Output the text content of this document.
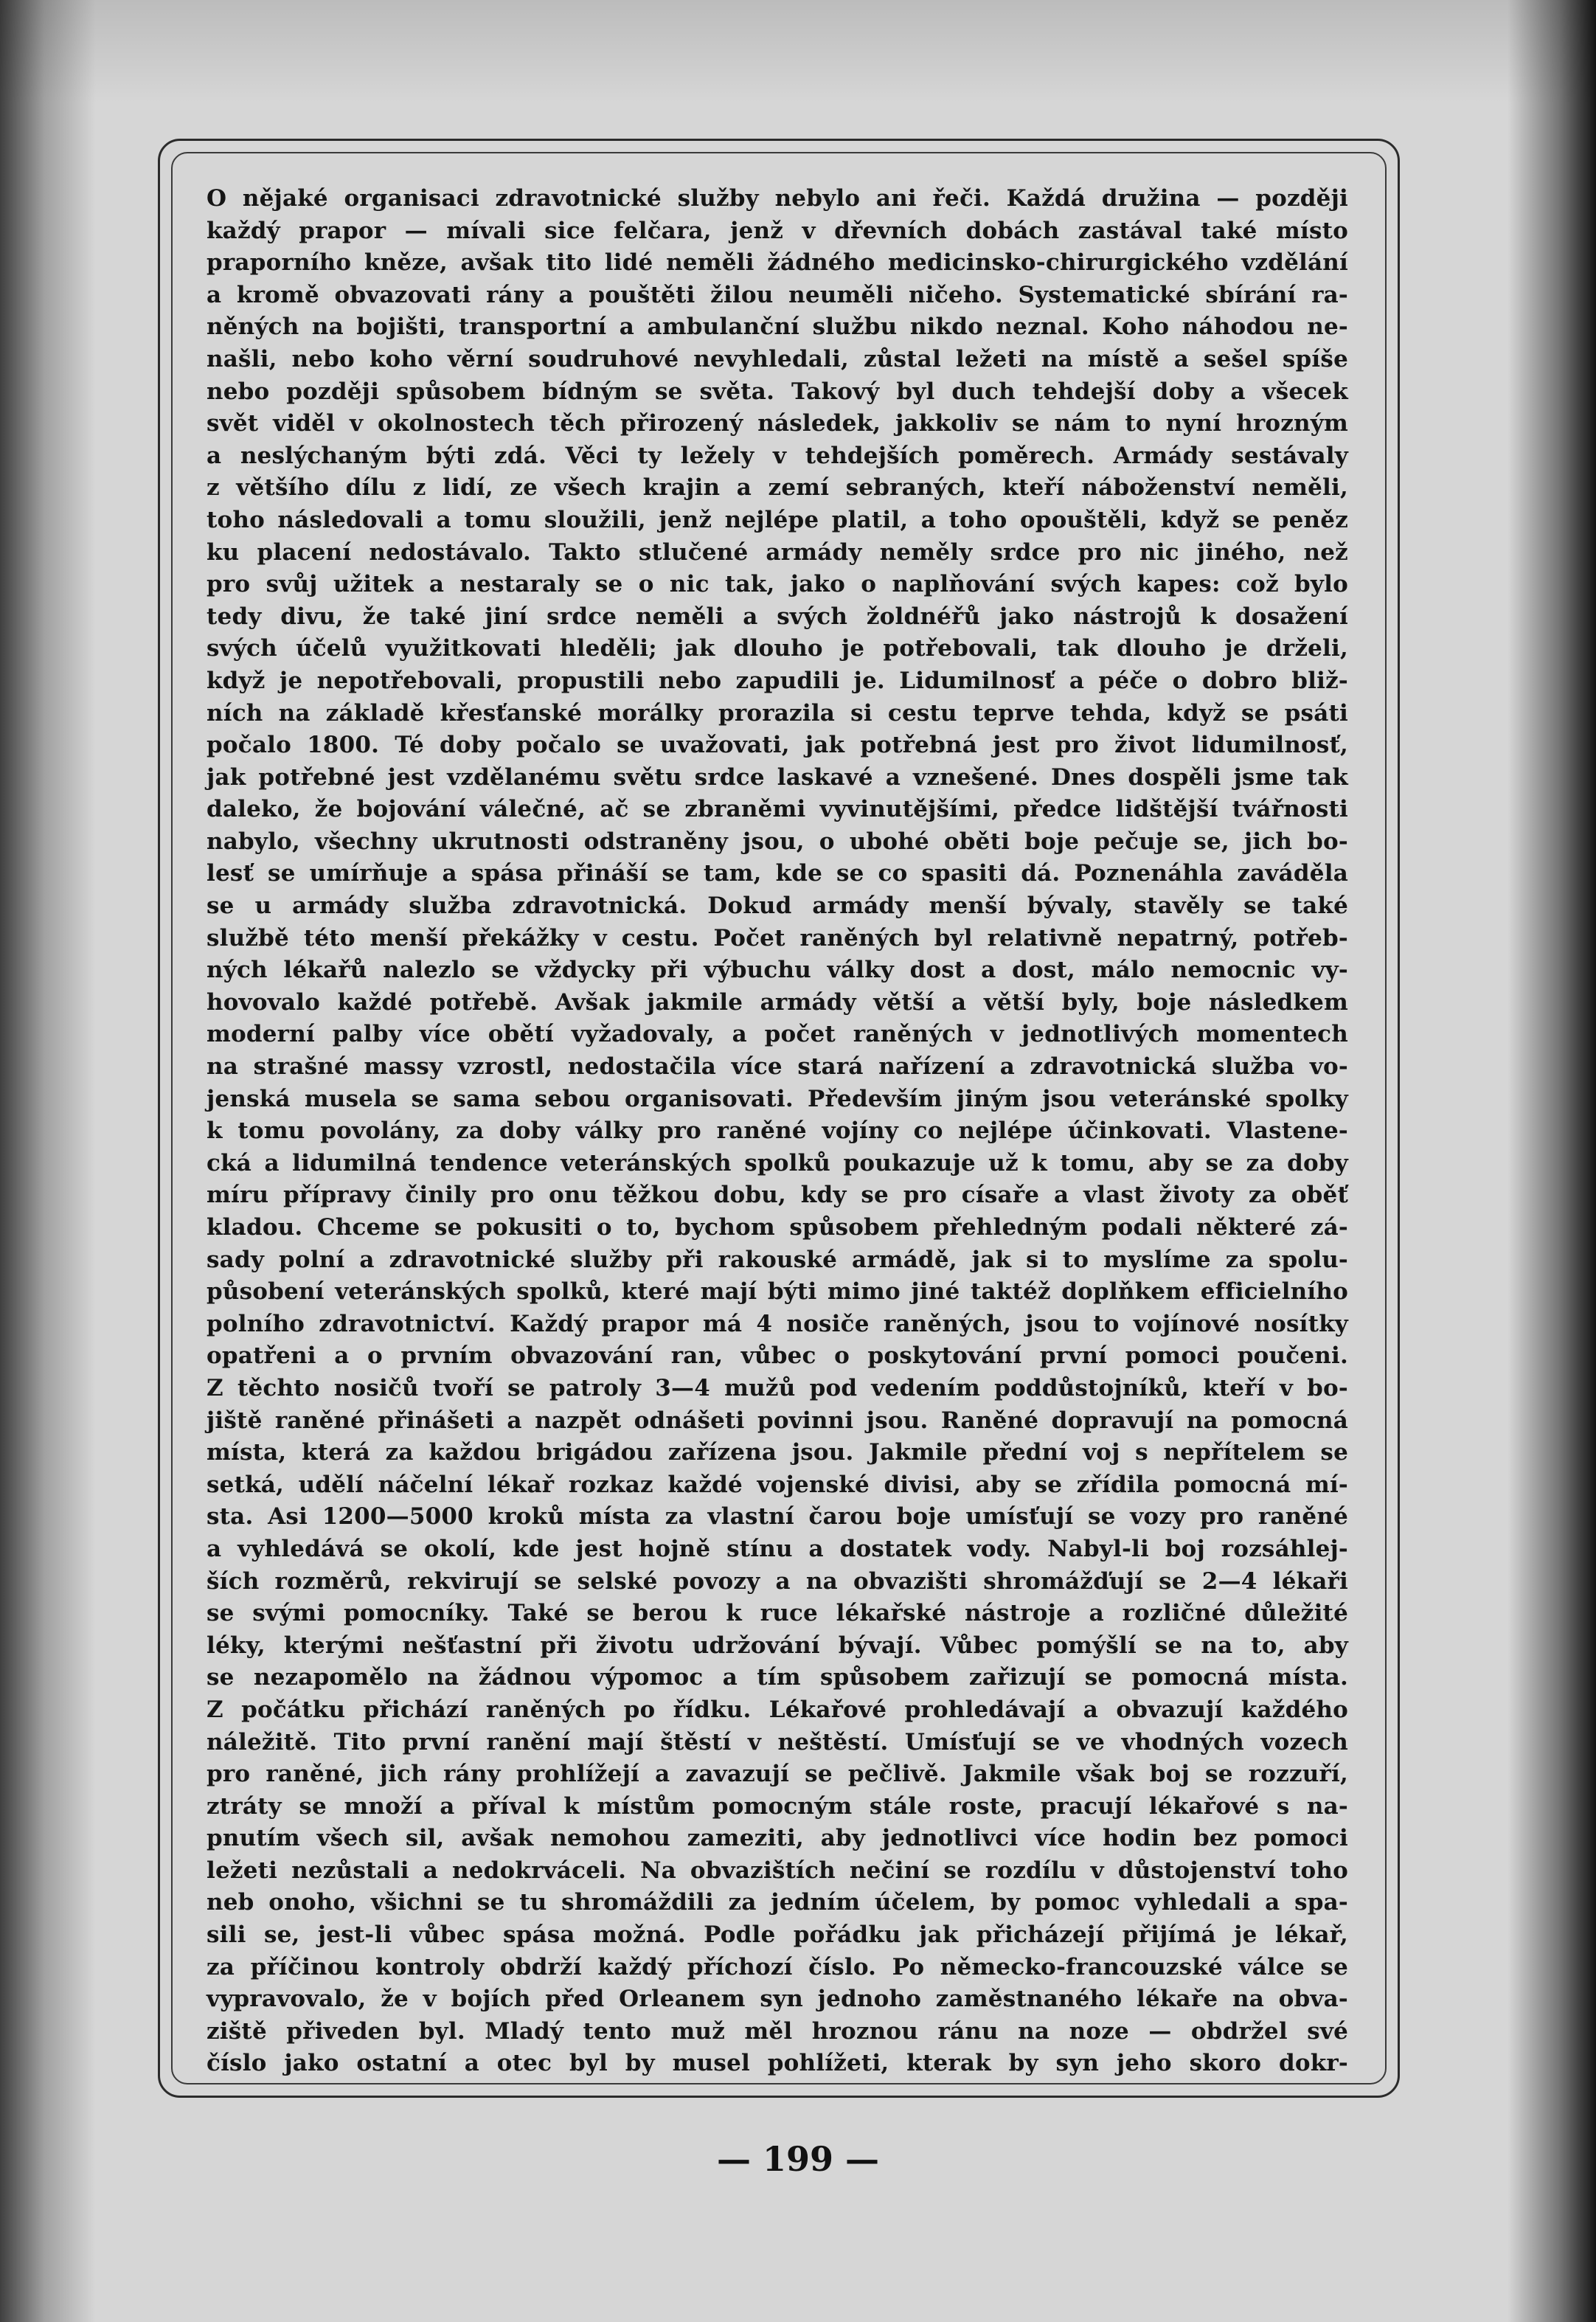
O nějaké organisaci zdravotnické služby nebylo ani řeči. Každá družina — později
každý prapor — mívali sice felčara, jenž v dřevních dobách zastával také místo
praporního kněze, avšak tito lidé neměli žádného medicinsko-chirurgického vzdělání
a kromě obvazovati rány a pouštěti žilou neuměli ničeho. Systematické sbírání ra-
něných na bojišti, transportní a ambulanční službu nikdo neznal. Koho náhodou ne-
našli, nebo koho věrní soudruhové nevyhledali, zůstal ležeti na místě a sešel spíše
nebo později spůsobem bídným se světa. Takový byl duch tehdejší doby a všecek
svět viděl v okolnostech těch přirozený následek, jakkoliv se nám to nyní hrozným
a neslýchaným býti zdá. Věci ty ležely v tehdejších poměrech. Armády sestávaly
z většího dílu z lidí, ze všech krajin a zemí sebraných, kteří náboženství neměli,
toho následovali a tomu sloužili, jenž nejlépe platil, a toho opouštěli, když se peněz
ku placení nedostávalo. Takto stlučené armády neměly srdce pro nic jiného, než
pro svůj užitek a nestaraly se o nic tak, jako o naplňování svých kapes: což bylo
tedy divu, že také jiní srdce neměli a svých žoldnéřů jako nástrojů k dosažení
svých účelů využitkovati hleděli; jak dlouho je potřebovali, tak dlouho je drželi,
když je nepotřebovali, propustili nebo zapudili je. Lidumilnosť a péče o dobro bliž-
ních na základě křesťanské morálky prorazila si cestu teprve tehda, když se psáti
počalo 1800. Té doby počalo se uvažovati, jak potřebná jest pro život lidumilnosť,
jak potřebné jest vzdělanému světu srdce laskavé a vznešené. Dnes dospěli jsme tak
daleko, že bojování válečné, ač se zbraněmi vyvinutějšími, předce lidštější tvářnosti
nabylo, všechny ukrutnosti odstraněny jsou, o ubohé oběti boje pečuje se, jich bo-
lesť se umírňuje a spása přináší se tam, kde se co spasiti dá. Poznenáhla zaváděla
se u armády služba zdravotnická. Dokud armády menší bývaly, stavěly se také
službě této menší překážky v cestu. Počet raněných byl relativně nepatrný, potřeb-
ných lékařů nalezlo se vždycky při výbuchu války dost a dost, málo nemocnic vy-
hovovalo každé potřebě. Avšak jakmile armády větší a větší byly, boje následkem
moderní palby více obětí vyžadovaly, a počet raněných v jednotlivých momentech
na strašné massy vzrostl, nedostačila více stará nařízení a zdravotnická služba vo-
jenská musela se sama sebou organisovati. Především jiným jsou veteránské spolky
k tomu povolány, za doby války pro raněné vojíny co nejlépe účinkovati. Vlastene-
cká a lidumilná tendence veteránských spolků poukazuje už k tomu, aby se za doby
míru přípravy činily pro onu těžkou dobu, kdy se pro císaře a vlast životy za oběť
kladou. Chceme se pokusiti o to, bychom spůsobem přehledným podali některé zá-
sady polní a zdravotnické služby při rakouské armádě, jak si to myslíme za spolu-
působení veteránských spolků, které mají býti mimo jiné taktéž doplňkem efficielního
polního zdravotnictví. Každý prapor má 4 nosiče raněných, jsou to vojínové nosítky
opatřeni a o prvním obvazování ran, vůbec o poskytování první pomoci poučeni.
Z těchto nosičů tvoří se patroly 3—4 mužů pod vedením poddůstojníků, kteří v bo-
jiště raněné přinášeti a nazpět odnášeti povinni jsou. Raněné dopravují na pomocná
místa, která za každou brigádou zařízena jsou. Jakmile přední voj s nepřítelem se
setká, udělí náčelní lékař rozkaz každé vojenské divisi, aby se zřídila pomocná mí-
sta. Asi 1200—5000 kroků místa za vlastní čarou boje umísťují se vozy pro raněné
a vyhledává se okolí, kde jest hojně stínu a dostatek vody. Nabyl-li boj rozsáhlej-
ších rozměrů, rekvirují se selské povozy a na obvazišti shromážďují se 2—4 lékaři
se svými pomocníky. Také se berou k ruce lékařské nástroje a rozličné důležité
léky, kterými nešťastní při životu udržování bývají. Vůbec pomýšlí se na to, aby
se nezapomělo na žádnou výpomoc a tím spůsobem zařizují se pomocná místa.
Z počátku přichází raněných po řídku. Lékařové prohledávají a obvazují každého
náležitě. Tito první ranění mají štěstí v neštěstí. Umísťují se ve vhodných vozech
pro raněné, jich rány prohlížejí a zavazují se pečlivě. Jakmile však boj se rozzuří,
ztráty se množí a příval k místům pomocným stále roste, pracují lékařové s na-
pnutím všech sil, avšak nemohou zameziti, aby jednotlivci více hodin bez pomoci
ležeti nezůstali a nedokrváceli. Na obvazištích nečiní se rozdílu v důstojenství toho
neb onoho, všichni se tu shromáždili za jedním účelem, by pomoc vyhledali a spa-
sili se, jest-li vůbec spása možná. Podle pořádku jak přicházejí přijímá je lékař,
za příčinou kontroly obdrží každý příchozí číslo. Po německo-francouzské válce se
vypravovalo, že v bojích před Orleanem syn jednoho zaměstnaného lékaře na obva-
ziště přiveden byl. Mladý tento muž měl hroznou ránu na noze — obdržel své
číslo jako ostatní a otec byl by musel pohlížeti, kterak by syn jeho skoro dokr-
— 199 —
